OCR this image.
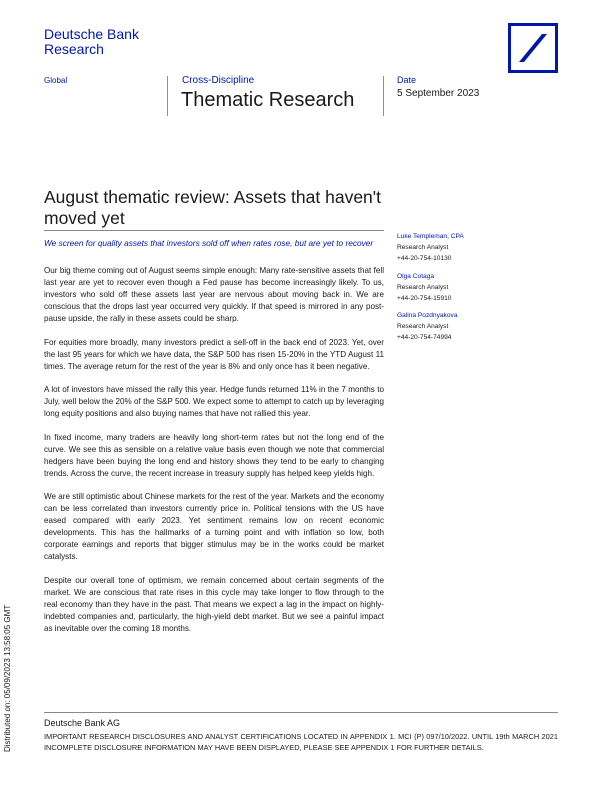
Deutsche Bank
Research
Global	Cross-Discipline
Thematic Research
Date
5 September 2023
August thematic review: Assets that haven't moved yet
We screen for quality assets that investors sold off when rates rose, but are yet to recover

Our big theme coming out of August seems simple enough: Many rate-sensitive assets that fell last year are yet to recover even though a Fed pause has become increasingly likely. To us, investors who sold off these assets last year are nervous about moving back in. We are conscious that the drops last year occurred very quickly. If that speed is mirrored in any post-pause upside, the rally in these assets could be sharp.

For equities more broadly, many investors predict a sell-off in the back end of 2023. Yet, over the last 95 years for which we have data, the S&P 500 has risen 15-20% in the YTD August 11 times. The average return for the rest of the year is 8% and only once has it been negative.

A lot of investors have missed the rally this year. Hedge funds returned 11% in the 7 months to July, well below the 20% of the S&P 500. We expect some to attempt to catch up by leveraging long equity positions and also buying names that have not rallied this year.

In fixed income, many traders are heavily long short-term rates but not the long end of the curve. We see this as sensible on a relative value basis even though we note that commercial hedgers have been buying the long end and history shows they tend to be early to changing trends. Across the curve, the recent increase in treasury supply has helped keep yields high.

We are still optimistic about Chinese markets for the rest of the year. Markets and the economy can be less correlated than investors currently price in. Political tensions with the US have eased compared with early 2023. Yet sentiment remains low on recent economic developments. This has the hallmarks of a turning point and with inflation so low, both corporate earnings and reports that bigger stimulus may be in the works could be market catalysts.

Despite our overall tone of optimism, we remain concerned about certain segments of the market. We are conscious that rate rises in this cycle may take longer to flow through to the real economy than they have in the past. That means we expect a lag in the impact on highly-indebted companies and, particularly, the high-yield debt market. But we see a painful impact as inevitable over the coming 18 months.

Luke Templeman, CPA
Research Analyst
+44-20-754-10130
Olga Cotaga
Research Analyst
+44-20-754-15910
Galina Pozdnyakova
Research Analyst
+44-20-754-74994
Deutsche Bank AG
IMPORTANT RESEARCH DISCLOSURES AND ANALYST CERTIFICATIONS LOCATED IN APPENDIX 1. MCI (P) 097/10/2022. UNTIL 19th MARCH 2021 INCOMPLETE DISCLOSURE INFORMATION MAY HAVE BEEN DISPLAYED, PLEASE SEE APPENDIX 1 FOR FURTHER DETAILS.
Distributed on: 05/09/2023 13:58:05 GMT
